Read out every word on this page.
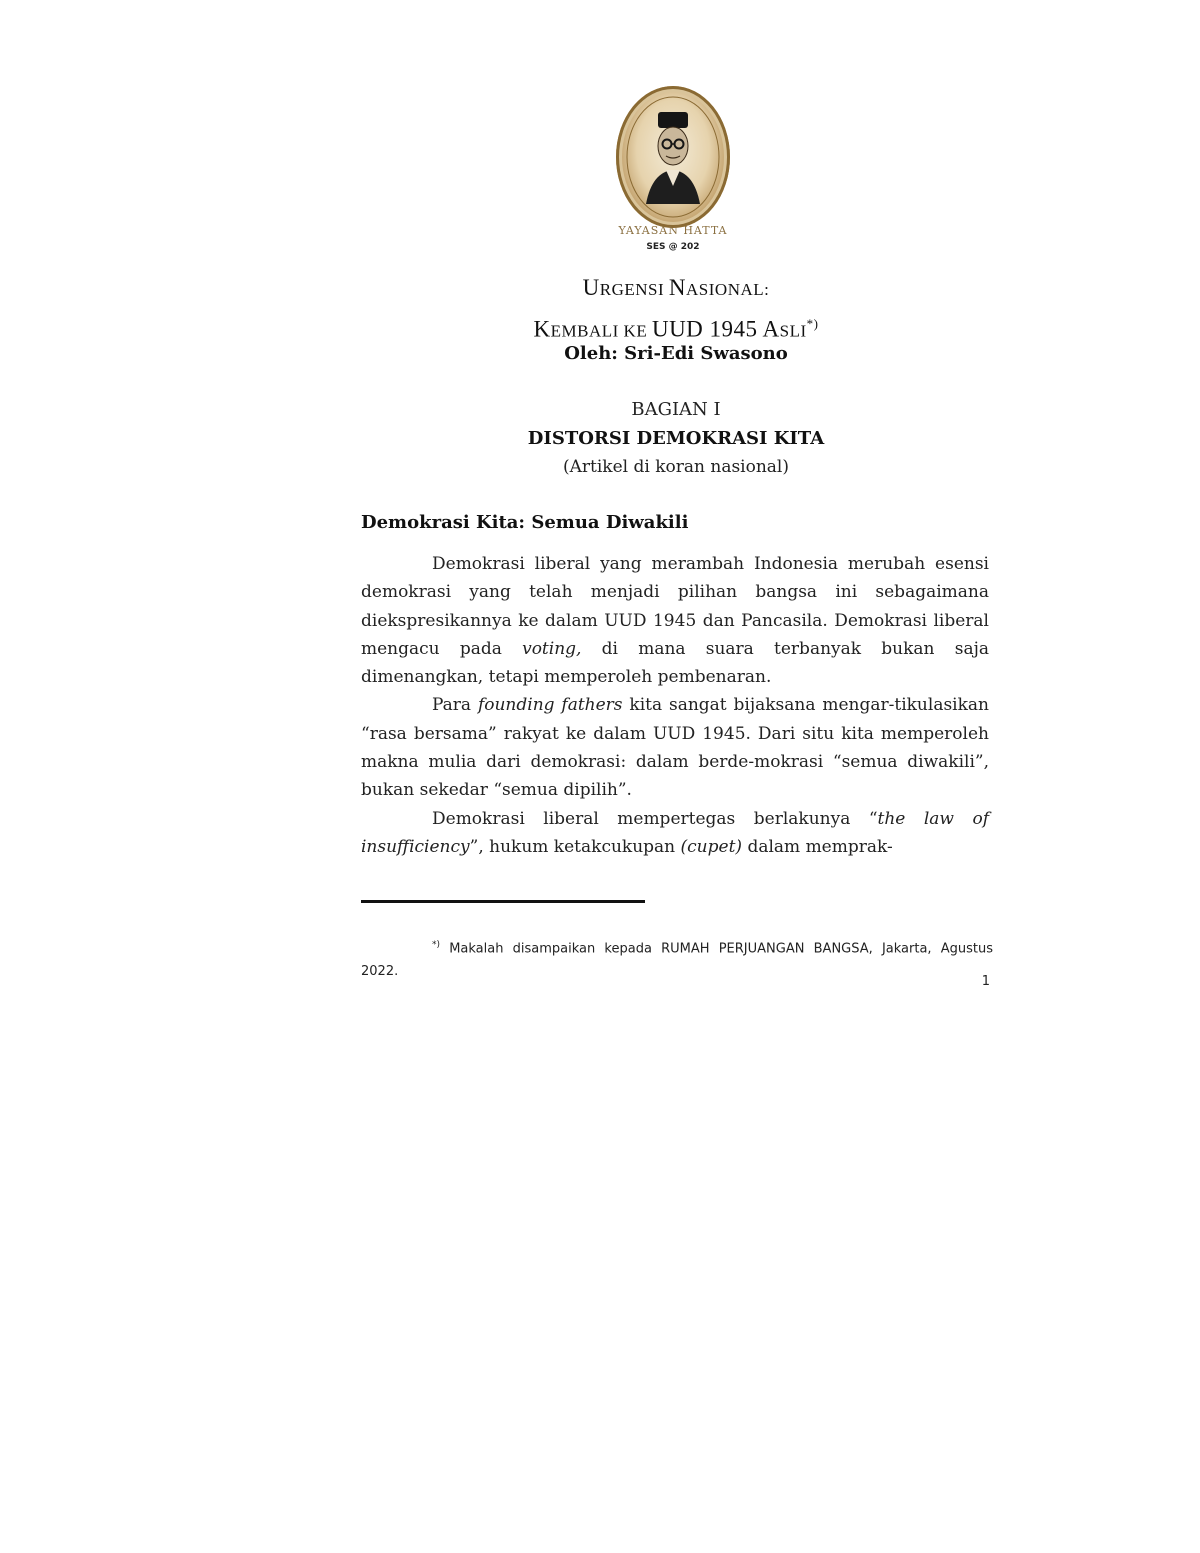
YAYASAN HATTA
SES @ 202
URGENSI NASIONAL:
KEMBALI KE UUD 1945 ASLI*)
Oleh: Sri-Edi Swasono
BAGIAN I
DISTORSI DEMOKRASI KITA
(Artikel di koran nasional)
Demokrasi Kita: Semua Diwakili

Demokrasi liberal yang merambah Indonesia merubah esensi demokrasi yang telah menjadi pilihan bangsa ini sebagaimana diekspresikannya ke dalam UUD 1945 dan Pancasila. Demokrasi liberal mengacu pada voting, di mana suara terbanyak bukan saja dimenangkan, tetapi memperoleh pembenaran.

Para founding fathers kita sangat bijaksana mengar-tikulasikan “rasa bersama” rakyat ke dalam UUD 1945. Dari situ kita memperoleh makna mulia dari demokrasi: dalam berde-mokrasi “semua diwakili”, bukan sekedar “semua dipilih”.

Demokrasi liberal mempertegas berlakunya “the law of insufficiency”, hukum ketakcukupan (cupet) dalam memprak-

*) Makalah disampaikan kepada RUMAH PERJUANGAN BANGSA, Jakarta, Agustus 2022.
1
